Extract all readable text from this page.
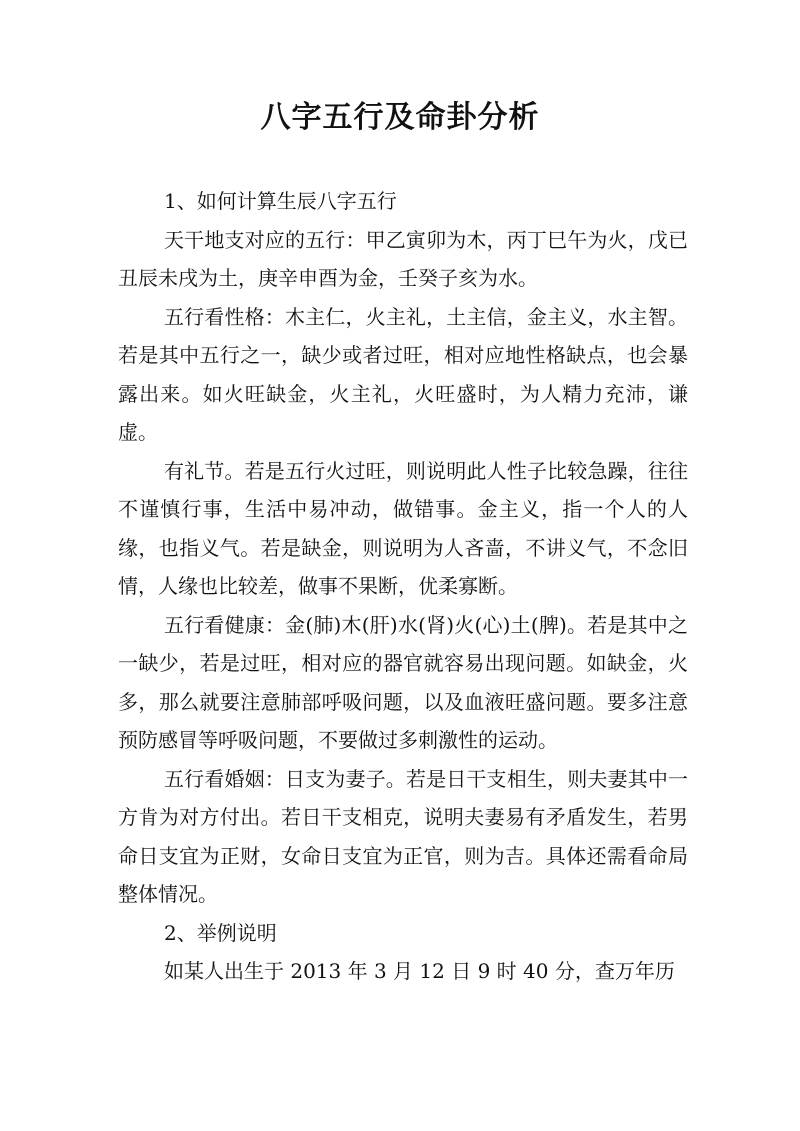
八字五行及命卦分析

1、如何计算生辰八字五行

天干地支对应的五行：甲乙寅卯为木，丙丁巳午为火，戊已丑辰未戌为土，庚辛申酉为金，壬癸子亥为水。

五行看性格：木主仁，火主礼，土主信，金主义，水主智。若是其中五行之一，缺少或者过旺，相对应地性格缺点，也会暴露出来。如火旺缺金，火主礼，火旺盛时，为人精力充沛，谦虚。

有礼节。若是五行火过旺，则说明此人性子比较急躁，往往不谨慎行事，生活中易冲动，做错事。金主义，指一个人的人缘，也指义气。若是缺金，则说明为人吝啬，不讲义气，不念旧情，人缘也比较差，做事不果断，优柔寡断。

五行看健康：金(肺)木(肝)水(肾)火(心)土(脾)。若是其中之一缺少，若是过旺，相对应的器官就容易出现问题。如缺金，火多，那么就要注意肺部呼吸问题，以及血液旺盛问题。要多注意预防感冒等呼吸问题，不要做过多刺激性的运动。

五行看婚姻：日支为妻子。若是日干支相生，则夫妻其中一方肯为对方付出。若日干支相克，说明夫妻易有矛盾发生，若男命日支宜为正财，女命日支宜为正官，则为吉。具体还需看命局整体情况。

2、举例说明

如某人出生于 2013 年 3 月 12 日 9 时 40 分，查万年历
